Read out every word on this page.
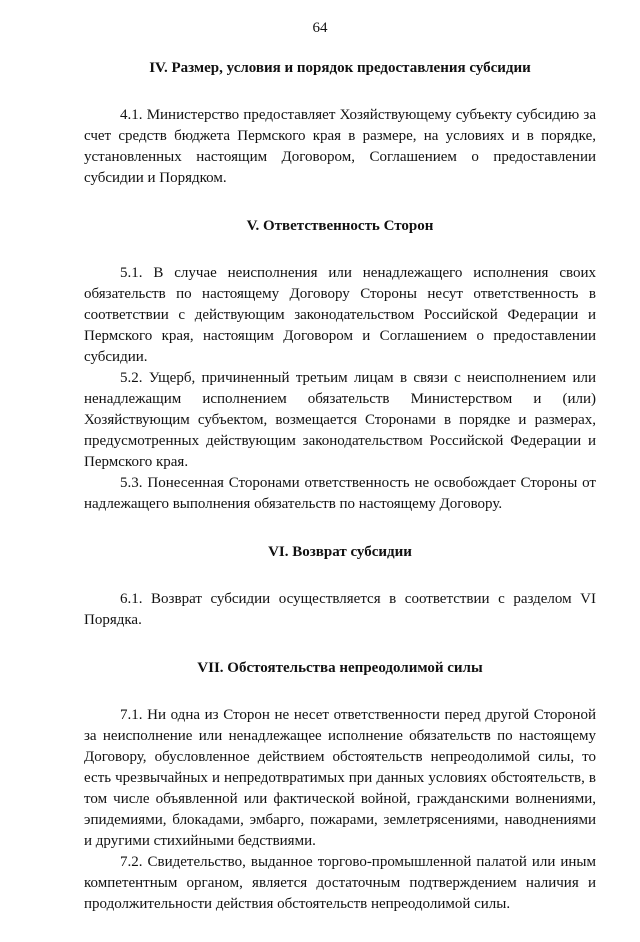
64
IV. Размер, условия и порядок предоставления субсидии

4.1. Министерство предоставляет Хозяйствующему субъекту субсидию за счет средств бюджета Пермского края в размере, на условиях и в порядке, установленных настоящим Договором, Соглашением о предоставлении субсидии и Порядком.

V. Ответственность Сторон

5.1. В случае неисполнения или ненадлежащего исполнения своих обязательств по настоящему Договору Стороны несут ответственность в соответствии с действующим законодательством Российской Федерации и Пермского края, настоящим Договором и Соглашением о предоставлении субсидии.

5.2. Ущерб, причиненный третьим лицам в связи с неисполнением или ненадлежащим исполнением обязательств Министерством и (или) Хозяйствующим субъектом, возмещается Сторонами в порядке и размерах, предусмотренных действующим законодательством Российской Федерации и Пермского края.

5.3. Понесенная Сторонами ответственность не освобождает Стороны от надлежащего выполнения обязательств по настоящему Договору.

VI. Возврат субсидии

6.1. Возврат субсидии осуществляется в соответствии с разделом VI Порядка.

VII. Обстоятельства непреодолимой силы

7.1. Ни одна из Сторон не несет ответственности перед другой Стороной за неисполнение или ненадлежащее исполнение обязательств по настоящему Договору, обусловленное действием обстоятельств непреодолимой силы, то есть чрезвычайных и непредотвратимых при данных условиях обстоятельств, в том числе объявленной или фактической войной, гражданскими волнениями, эпидемиями, блокадами, эмбарго, пожарами, землетрясениями, наводнениями и другими стихийными бедствиями.

7.2. Свидетельство, выданное торгово-промышленной палатой или иным компетентным органом, является достаточным подтверждением наличия и продолжительности действия обстоятельств непреодолимой силы.
